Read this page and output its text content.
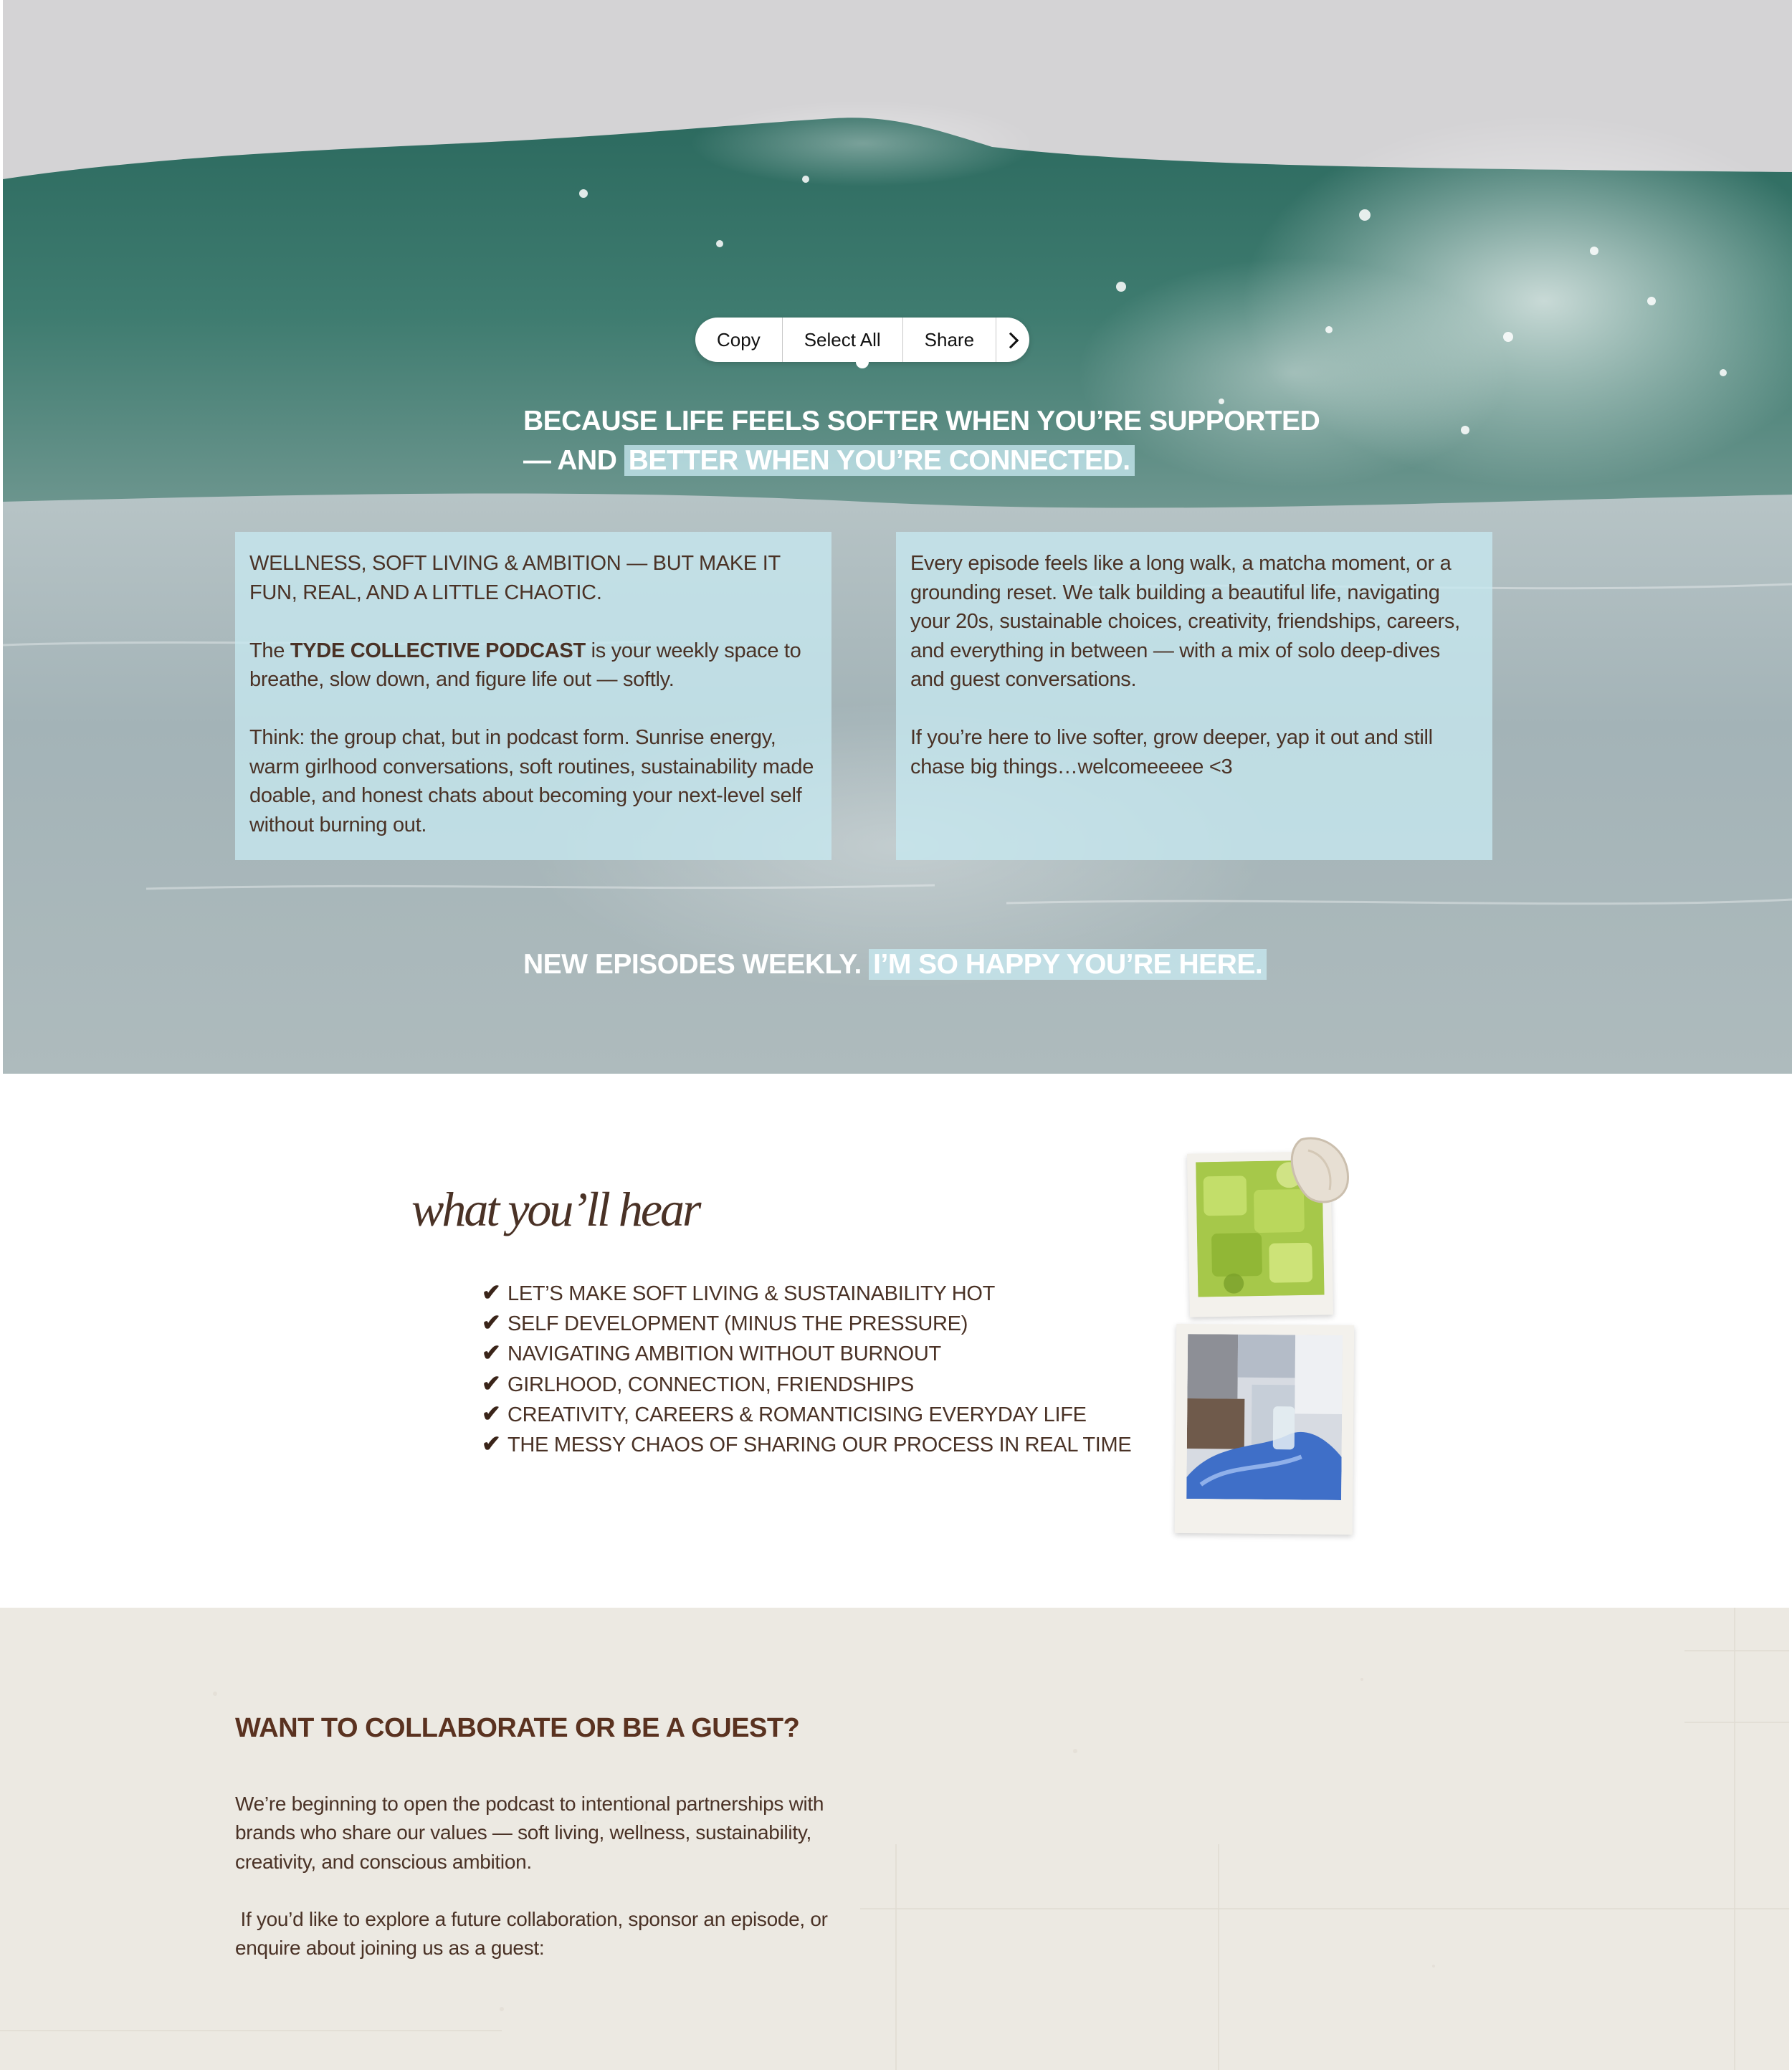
Copy	Select All	Share
BECAUSE LIFE FEELS SOFTER WHEN YOU’RE SUPPORTED
— AND BETTER WHEN YOU’RE CONNECTED.

WELLNESS, SOFT LIVING & AMBITION — BUT MAKE IT FUN, REAL, AND A LITTLE CHAOTIC.

The TYDE COLLECTIVE PODCAST is your weekly space to breathe, slow down, and figure life out — softly.

Think: the group chat, but in podcast form. Sunrise energy, warm girlhood conversations, soft routines, sustainability made doable, and honest chats about becoming your next-level self without burning out.

Every episode feels like a long walk, a matcha moment, or a grounding reset. We talk building a beautiful life, navigating your 20s, sustainable choices, creativity, friendships, careers, and everything in between — with a mix of solo deep-dives and guest conversations.

If you’re here to live softer, grow deeper, yap it out and still chase big things…welcomeeeee <3

NEW EPISODES WEEKLY. I’M SO HAPPY YOU’RE HERE.
what you’ll hear
✔ LET’S MAKE SOFT LIVING & SUSTAINABILITY HOT
✔ SELF DEVELOPMENT (MINUS THE PRESSURE)
✔ NAVIGATING AMBITION WITHOUT BURNOUT
✔ GIRLHOOD, CONNECTION, FRIENDSHIPS
✔ CREATIVITY, CAREERS & ROMANTICISING EVERYDAY LIFE
✔ THE MESSY CHAOS OF SHARING OUR PROCESS IN REAL TIME
WANT TO COLLABORATE OR BE A GUEST?

We’re beginning to open the podcast to intentional partnerships with brands who share our values — soft living, wellness, sustainability, creativity, and conscious ambition.

If you’d like to explore a future collaboration, sponsor an episode, or enquire about joining us as a guest:
